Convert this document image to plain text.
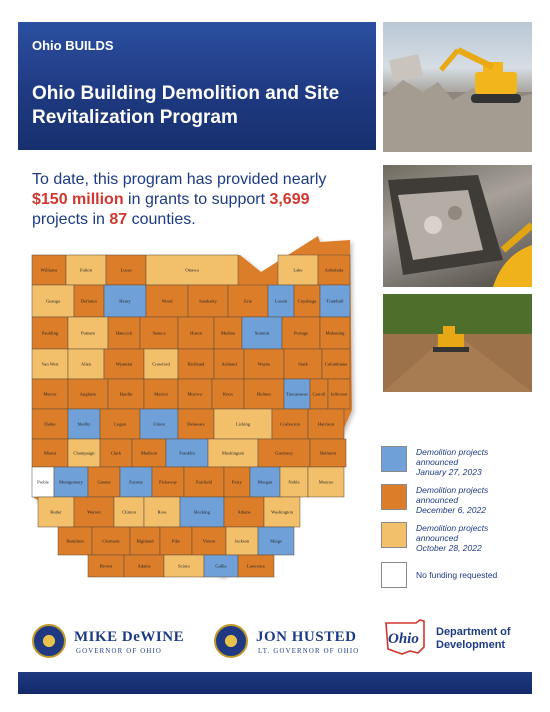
Ohio BUILDS
Ohio Building Demolition and Site Revitalization Program
To date, this program has provided nearly
$150 million in grants to support 3,699
projects in 87 counties.
Williams	Fulton	Lucas	Ottawa	Lake	Ashtabula
Geauga	Defiance	Henry	Wood	Sandusky	Erie	Lorain Cuyahoga Trumbull
Paulding	Putnam	Hancock	Seneca	Huron	Medina	Summit	Portage	Mahoning
Van Wert	Allen	Wyandot	Crawford	Richland	Ashland	Wayne	Stark	Columbiana
Mercer	Auglaize	Hardin	Marion	Morrow	Knox	Holmes	Tuscarawas Carroll Jefferson
Darke	Shelby	Logan	Union	Delaware	Licking	Coshocton	Harrison
Miami	Champaign	Clark	Madison	Franklin	Muskingum	Guernsey	Belmont
Preble Montgomery	Greene	Fayette	Pickaway	Fairfield	Perry	Morgan	Noble	Monroe
Butler	Warren	Clinton	Ross	Hocking	Athens	Washington
Hamilton	Clermont	Highland	Pike	Vinton	Jackson	Meigs
Brown	Adams	Scioto	Gallia	Lawrence
Demolition projects
announced
January 27, 2023
Demolition projects
announced
December 6, 2022
Demolition projects
announced
October 28, 2022
No funding requested
MIKE DeWINE
GOVERNOR OF OHIO
JON HUSTED
LT. GOVERNOR OF OHIO
Ohio Department of
Development
